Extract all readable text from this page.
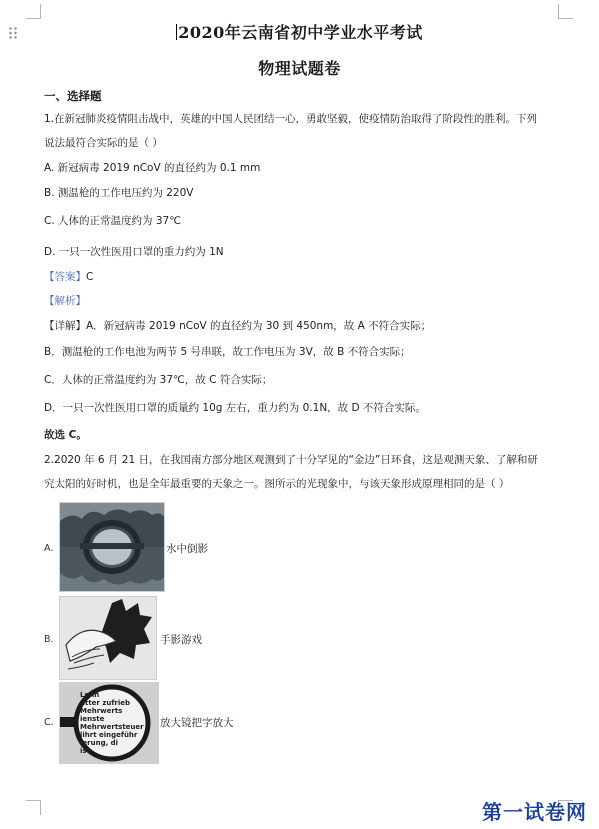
2020年云南省初中学业水平考试
物理试题卷
一、选择题
1.在新冠肺炎疫情阻击战中，英雄的中国人民团结一心，勇敢坚毅，使疫情防治取得了阶段性的胜利。下列
说法最符合实际的是（ ）
A. 新冠病毒 2019 nCoV 的直径约为 0.1 mm
B. 测温枪的工作电压约为 220V
C. 人体的正常温度约为 37℃
D. 一只一次性医用口罩的重力约为 1N
【答案】C
【解析】
【详解】A．新冠病毒 2019 nCoV 的直径约为 30 到 450nm，故 A 不符合实际；
B．测温枪的工作电池为两节 5 号串联，故工作电压为 3V，故 B 不符合实际；
C．人体的正常温度约为 37℃，故 C 符合实际；
D．一只一次性医用口罩的质量约 10g 左右，重力约为 0.1N，故 D 不符合实际。
故选 C。
2.2020 年 6 月 21 日，在我国南方部分地区观测到了十分罕见的“金边”日环食，这是观测天象、了解和研
究太阳的好时机，也是全年最重要的天象之一。图所示的光现象中，与该天象形成原理相同的是（ ）
A.	水中倒影
B.	手影游戏
C.
Lohn
utter zufrieb
Mehrwerts
ienste
Mehrwertsteuer
lihrt eingeführ
ierung, di
ist
放大镜把字放大
第一试卷网
